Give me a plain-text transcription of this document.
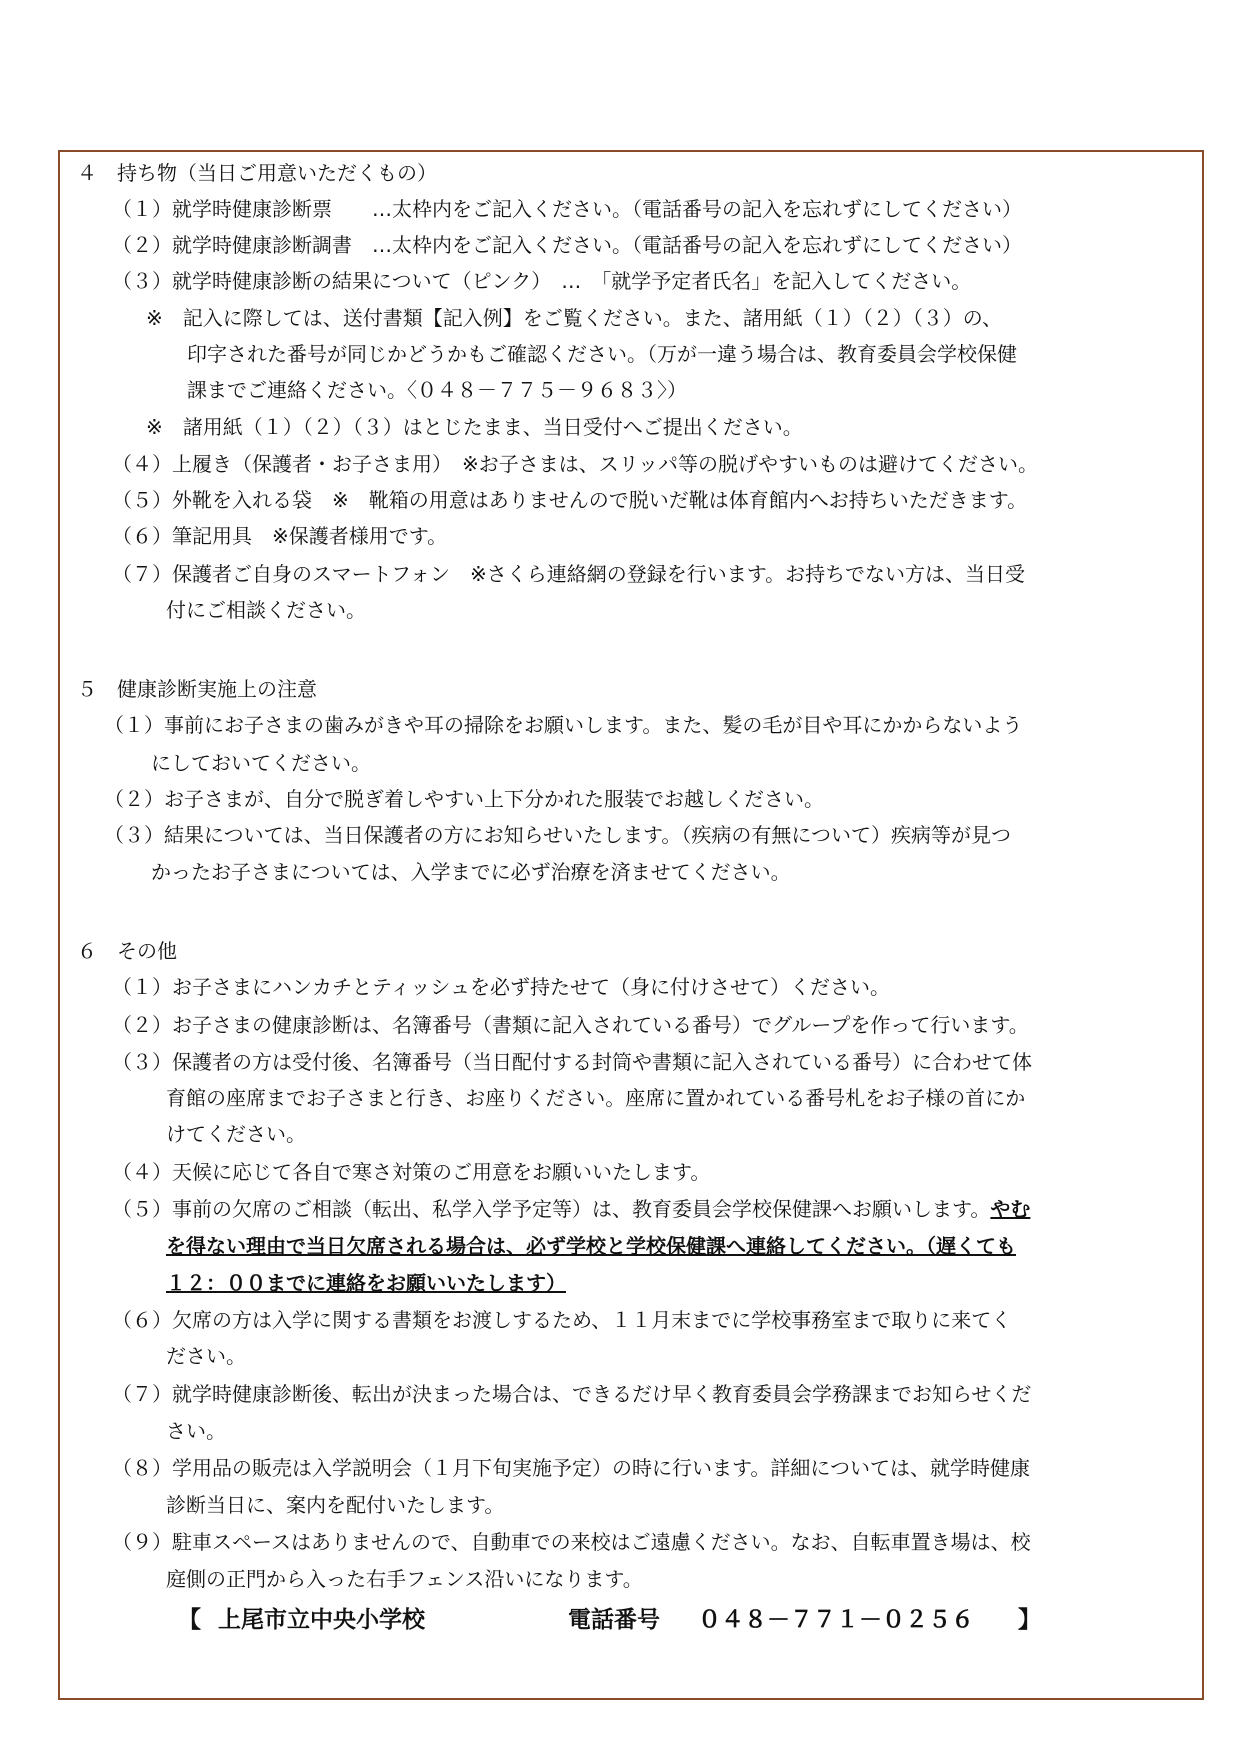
４　持ち物（当日ご用意いただくもの）
（１）就学時健康診断票　　…太枠内をご記入ください。（電話番号の記入を忘れずにしてください）
（２）就学時健康診断調書　…太枠内をご記入ください。（電話番号の記入を忘れずにしてください）
（３）就学時健康診断の結果について（ピンク）　…　「就学予定者氏名」を記入してください。
※　記入に際しては、送付書類【記入例】をご覧ください。また、諸用紙（１）（２）（３）の、
印字された番号が同じかどうかもご確認ください。（万が一違う場合は、教育委員会学校保健
課までご連絡ください。〈０４８－７７５－９６８３〉）
※　諸用紙（１）（２）（３）はとじたまま、当日受付へご提出ください。
（４）上履き（保護者・お子さま用）　※お子さまは、スリッパ等の脱げやすいものは避けてください。
（５）外靴を入れる袋　※　靴箱の用意はありませんので脱いだ靴は体育館内へお持ちいただきます。
（６）筆記用具　※保護者様用です。
（７）保護者ご自身のスマートフォン　※さくら連絡網の登録を行います。お持ちでない方は、当日受
付にご相談ください。
５　健康診断実施上の注意
（１）事前にお子さまの歯みがきや耳の掃除をお願いします。また、髪の毛が目や耳にかからないよう
にしておいてください。
（２）お子さまが、自分で脱ぎ着しやすい上下分かれた服装でお越しください。
（３）結果については、当日保護者の方にお知らせいたします。（疾病の有無について）疾病等が見つ
かったお子さまについては、入学までに必ず治療を済ませてください。
６　その他
（１）お子さまにハンカチとティッシュを必ず持たせて（身に付けさせて）ください。
（２）お子さまの健康診断は、名簿番号（書類に記入されている番号）でグループを作って行います。
（３）保護者の方は受付後、名簿番号（当日配付する封筒や書類に記入されている番号）に合わせて体
育館の座席までお子さまと行き、お座りください。座席に置かれている番号札をお子様の首にか
けてください。
（４）天候に応じて各自で寒さ対策のご用意をお願いいたします。
（５）事前の欠席のご相談（転出、私学入学予定等）は、教育委員会学校保健課へお願いします。やむ
を得ない理由で当日欠席される場合は、必ず学校と学校保健課へ連絡してください。（遅くても
１２：００までに連絡をお願いいたします）
（６）欠席の方は入学に関する書類をお渡しするため、１１月末までに学校事務室まで取りに来てく
ださい。
（７）就学時健康診断後、転出が決まった場合は、できるだけ早く教育委員会学務課までお知らせくだ
さい。
（８）学用品の販売は入学説明会（１月下旬実施予定）の時に行います。詳細については、就学時健康
診断当日に、案内を配付いたします。
（９）駐車スペースはありませんので、自動車での来校はご遠慮ください。なお、自転車置き場は、校
庭側の正門から入った右手フェンス沿いになります。
【 上尾市立中央小学校	電話番号 ０４８－７７１－０２５６ 】
